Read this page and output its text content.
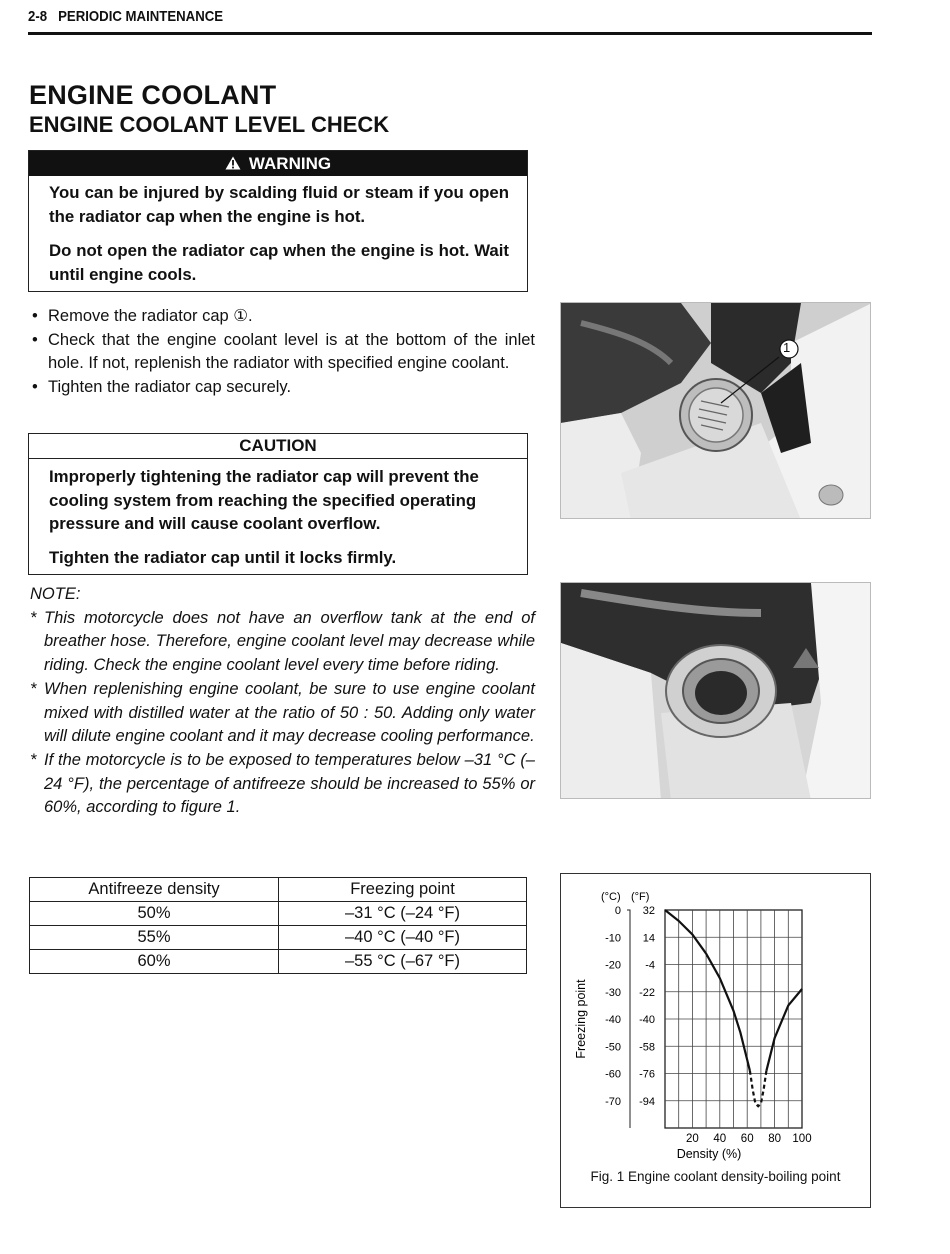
2-8   PERIODIC MAINTENANCE
ENGINE COOLANT
ENGINE COOLANT LEVEL CHECK
WARNING

You can be injured by scalding fluid or steam if you open the radiator cap when the engine is hot.

Do not open the radiator cap when the engine is hot. Wait until engine cools.

• Remove the radiator cap ①.
• Check that the engine coolant level is at the bottom of the inlet hole. If not, replenish the radiator with specified engine coolant.
• Tighten the radiator cap securely.
CAUTION

Improperly tightening the radiator cap will prevent the cooling system from reaching the specified operating pressure and will cause coolant overflow.

Tighten the radiator cap until it locks firmly.

NOTE:
* This motorcycle does not have an overflow tank at the end of breather hose. Therefore, engine coolant level may decrease while riding. Check the engine coolant level every time before riding.
* When replenishing engine coolant, be sure to use engine coolant mixed with distilled water at the ratio of 50 : 50. Adding only water will dilute engine coolant and it may decrease cooling performance.
* If the motorcycle is to be exposed to temperatures below –31 °C (–24 °F), the percentage of antifreeze should be increased to 55% or 60%, according to figure 1.
Antifreeze density	Freezing point
50%	–31 °C (–24 °F)
55%	–40 °C (–40 °F)
60%	–55 °C (–67 °F)
1
(°C) (°F)
0 32
-10 14
-20 -4
-30 -22
-40 -40
-50 -58
-60 -76
-70 -94
20 40 60 80 100
Density (%)
Freezing point
Fig. 1 Engine coolant density-boiling point
